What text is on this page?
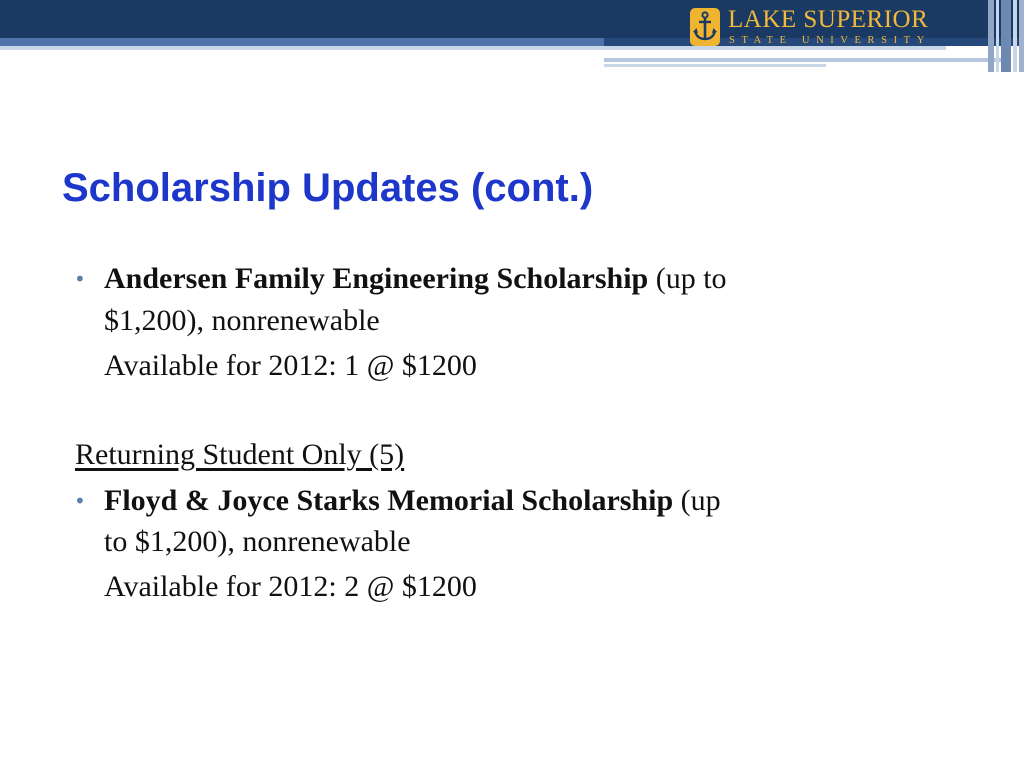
LAKE SUPERIOR
STATE UNIVERSITY
Scholarship Updates (cont.)
• Andersen Family Engineering Scholarship (up to
$1,200), nonrenewable
Available for 2012: 1 @ $1200
Returning Student Only (5)
• Floyd & Joyce Starks Memorial Scholarship (up
to $1,200), nonrenewable
Available for 2012: 2 @ $1200
